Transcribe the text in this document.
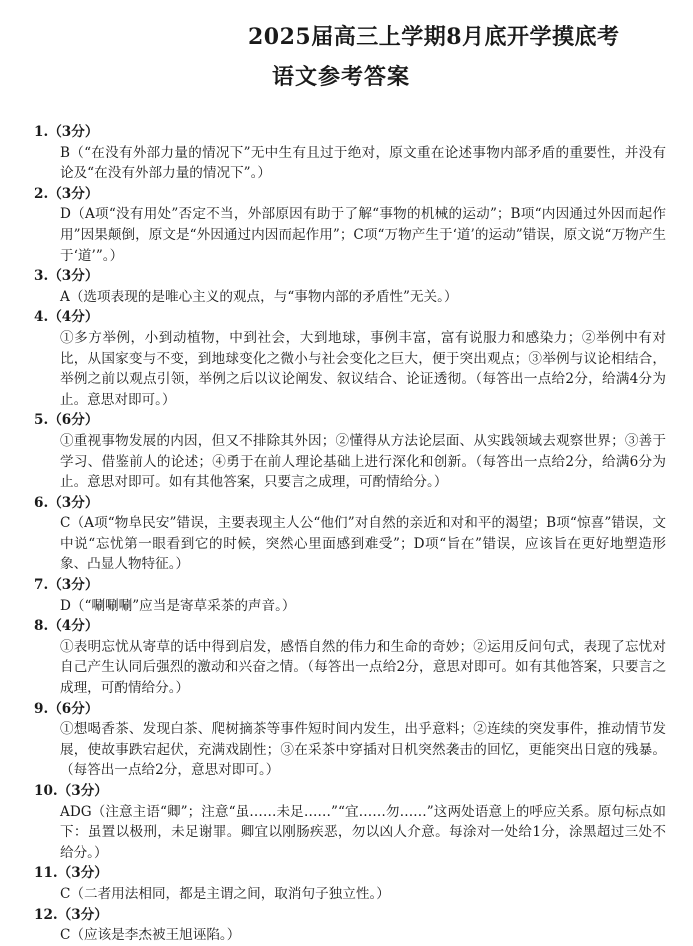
2025届高三上学期8月底开学摸底考
语文参考答案
1.（3分）
B（“在没有外部力量的情况下”无中生有且过于绝对，原文重在论述事物内部矛盾的重要性，并没有论及“在没有外部力量的情况下”。）
2.（3分）
D（A项“没有用处”否定不当，外部原因有助于了解“事物的机械的运动”；B项“内因通过外因而起作用”因果颠倒，原文是“外因通过内因而起作用”；C项“万物产生于‘道’的运动”错误，原文说“万物产生于‘道’”。）
3.（3分）
A（选项表现的是唯心主义的观点，与“事物内部的矛盾性”无关。）
4.（4分）
①多方举例，小到动植物，中到社会，大到地球，事例丰富，富有说服力和感染力；②举例中有对比，从国家变与不变，到地球变化之微小与社会变化之巨大，便于突出观点；③举例与议论相结合，举例之前以观点引领，举例之后以议论阐发、叙议结合、论证透彻。（每答出一点给2分，给满4分为止。意思对即可。）
5.（6分）
①重视事物发展的内因，但又不排除其外因；②懂得从方法论层面、从实践领域去观察世界；③善于学习、借鉴前人的论述；④勇于在前人理论基础上进行深化和创新。（每答出一点给2分，给满6分为止。意思对即可。如有其他答案，只要言之成理，可酌情给分。）
6.（3分）
C（A项“物阜民安”错误，主要表现主人公“他们”对自然的亲近和对和平的渴望；B项“惊喜”错误，文中说“忘忧第一眼看到它的时候，突然心里面感到难受”；D项“旨在”错误，应该旨在更好地塑造形象、凸显人物特征。）
7.（3分）
D（“唰唰唰”应当是寄草采茶的声音。）
8.（4分）
①表明忘忧从寄草的话中得到启发，感悟自然的伟力和生命的奇妙；②运用反问句式，表现了忘忧对自己产生认同后强烈的激动和兴奋之情。（每答出一点给2分，意思对即可。如有其他答案，只要言之成理，可酌情给分。）
9.（6分）
①想喝香茶、发现白茶、爬树摘茶等事件短时间内发生，出乎意料；②连续的突发事件，推动情节发展，使故事跌宕起伏，充满戏剧性；③在采茶中穿插对日机突然袭击的回忆，更能突出日寇的残暴。（每答出一点给2分，意思对即可。）
10.（3分）
ADG（注意主语“卿”；注意“虽……未足……”“宜……勿……”这两处语意上的呼应关系。原句标点如下：虽置以极刑，未足谢罪。卿宜以刚肠疾恶，勿以凶人介意。每涂对一处给1分，涂黑超过三处不给分。）
11.（3分）
C（二者用法相同，都是主谓之间，取消句子独立性。）
12.（3分）
C（应该是李杰被王旭诬陷。）
